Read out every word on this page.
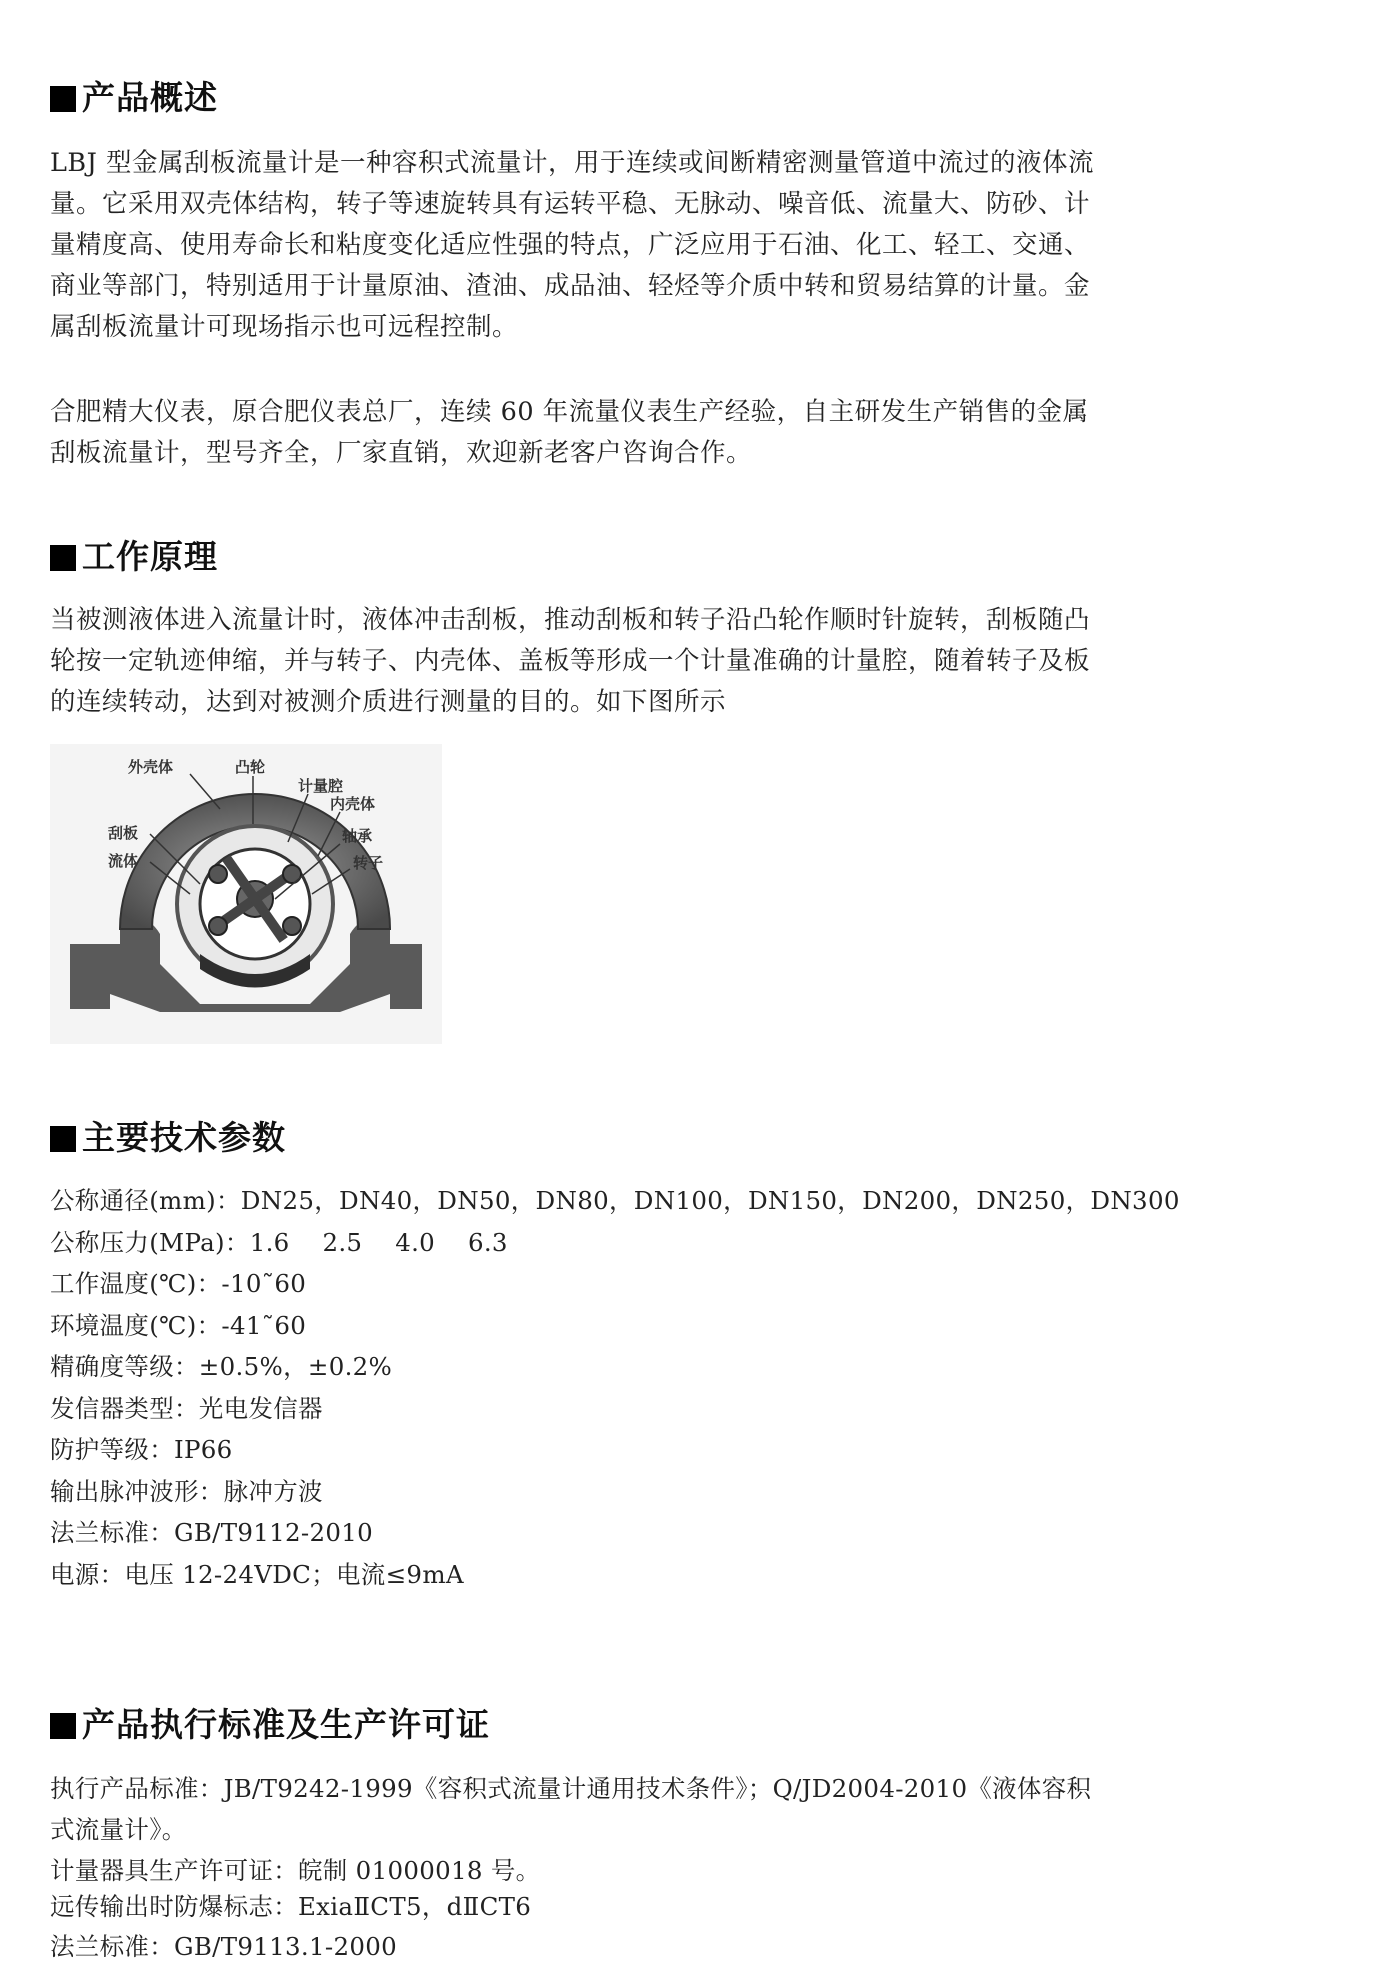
产品概述

LBJ 型金属刮板流量计是一种容积式流量计，用于连续或间断精密测量管道中流过的液体流
量。它采用双壳体结构，转子等速旋转具有运转平稳、无脉动、噪音低、流量大、防砂、计
量精度高、使用寿命长和粘度变化适应性强的特点，广泛应用于石油、化工、轻工、交通、
商业等部门，特别适用于计量原油、渣油、成品油、轻烃等介质中转和贸易结算的计量。金
属刮板流量计可现场指示也可远程控制。

合肥精大仪表，原合肥仪表总厂，连续 60 年流量仪表生产经验，自主研发生产销售的金属
刮板流量计，型号齐全，厂家直销，欢迎新老客户咨询合作。

工作原理

当被测液体进入流量计时，液体冲击刮板，推动刮板和转子沿凸轮作顺时针旋转，刮板随凸
轮按一定轨迹伸缩，并与转子、内壳体、盖板等形成一个计量准确的计量腔，随着转子及板
的连续转动，达到对被测介质进行测量的目的。如下图所示

外壳体	凸轮
计量腔
内壳体
轴承
刮板
转子
流体
主要技术参数
公称通径(mm)：DN25，DN40，DN50，DN80，DN100，DN150，DN200，DN250，DN300
公称压力(MPa)：1.6　 2.5　 4.0　 6.3
工作温度(℃)：-10˜60
环境温度(℃)：-41˜60
精确度等级：±0.5%，±0.2%
发信器类型：光电发信器
防护等级：IP66
输出脉冲波形：脉冲方波
法兰标准：GB/T9112-2010
电源：电压 12-24VDC；电流≤9mA
产品执行标准及生产许可证
执行产品标准：JB/T9242-1999《容积式流量计通用技术条件》；Q/JD2004-2010《液体容积
式流量计》。
计量器具生产许可证：皖制 01000018 号。
远传输出时防爆标志：ExiaⅡCT5，dⅡCT6
法兰标准：GB/T9113.1-2000
